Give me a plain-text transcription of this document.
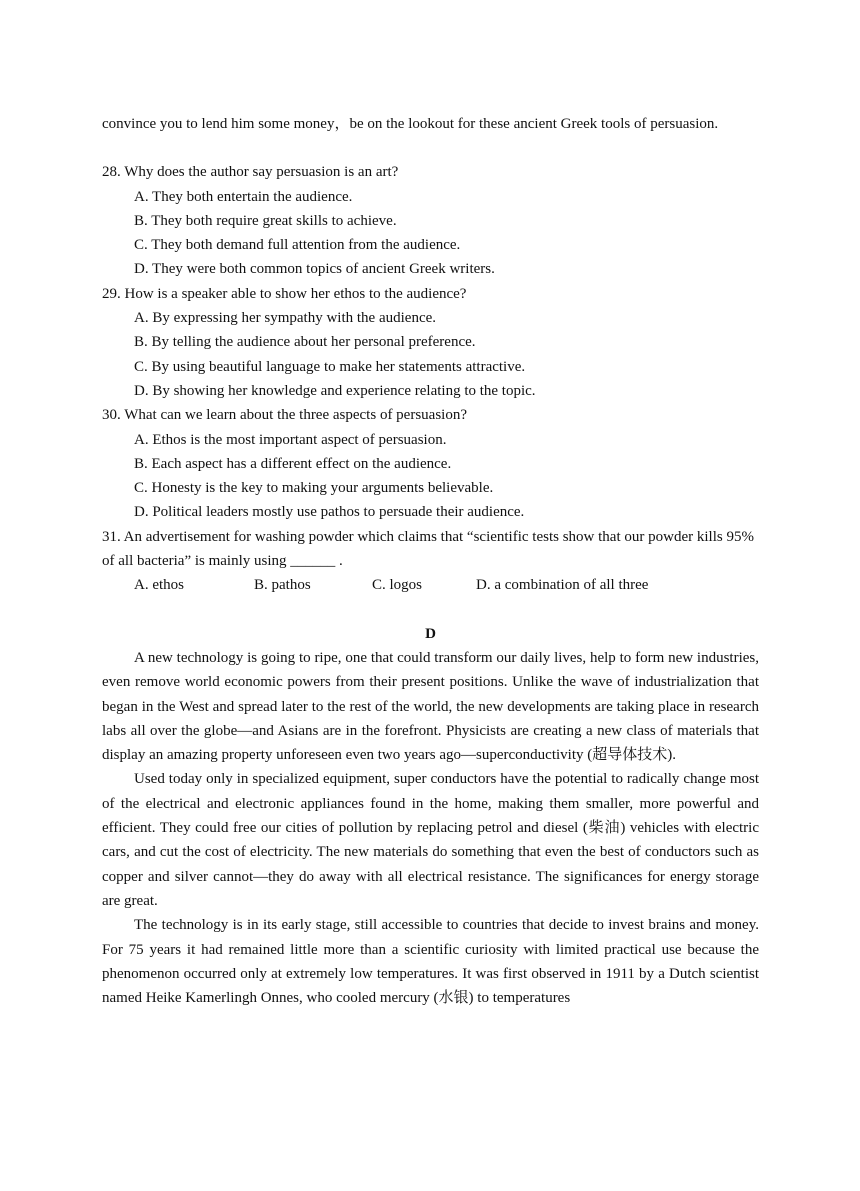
convince you to lend him some money，be on the lookout for these ancient Greek tools of persuasion.

28. Why does the author say persuasion is an art?

A. They both entertain the audience.

B. They both require great skills to achieve.

C. They both demand full attention from the audience.

D. They were both common topics of ancient Greek writers.

29. How is a speaker able to show her ethos to the audience?

A. By expressing her sympathy with the audience.

B. By telling the audience about her personal preference.

C. By using beautiful language to make her statements attractive.

D. By showing her knowledge and experience relating to the topic.

30. What can we learn about the three aspects of persuasion?

A. Ethos is the most important aspect of persuasion.

B. Each aspect has a different effect on the audience.

C. Honesty is the key to making your arguments believable.

D. Political leaders mostly use pathos to persuade their audience.

31. An advertisement for washing powder which claims that “scientific tests show that our powder kills 95% of all bacteria” is mainly using ______ .

A. ethos	B. pathos	C. logos	D. a combination of all three

D

A new technology is going to ripe, one that could transform our daily lives, help to form new industries, even remove world economic powers from their present positions. Unlike the wave of industrialization that began in the West and spread later to the rest of the world, the new developments are taking place in research labs all over the globe—and Asians are in the forefront. Physicists are creating a new class of materials that display an amazing property unforeseen even two years ago—superconductivity (超导体技术).

Used today only in specialized equipment, super conductors have the potential to radically change most of the electrical and electronic appliances found in the home, making them smaller, more powerful and efficient. They could free our cities of pollution by replacing petrol and diesel (柴油) vehicles with electric cars, and cut the cost of electricity. The new materials do something that even the best of conductors such as copper and silver cannot—they do away with all electrical resistance. The significances for energy storage are great.

The technology is in its early stage, still accessible to countries that decide to invest brains and money. For 75 years it had remained little more than a scientific curiosity with limited practical use because the phenomenon occurred only at extremely low temperatures. It was first observed in 1911 by a Dutch scientist named Heike Kamerlingh Onnes, who cooled mercury (水银) to temperatures
